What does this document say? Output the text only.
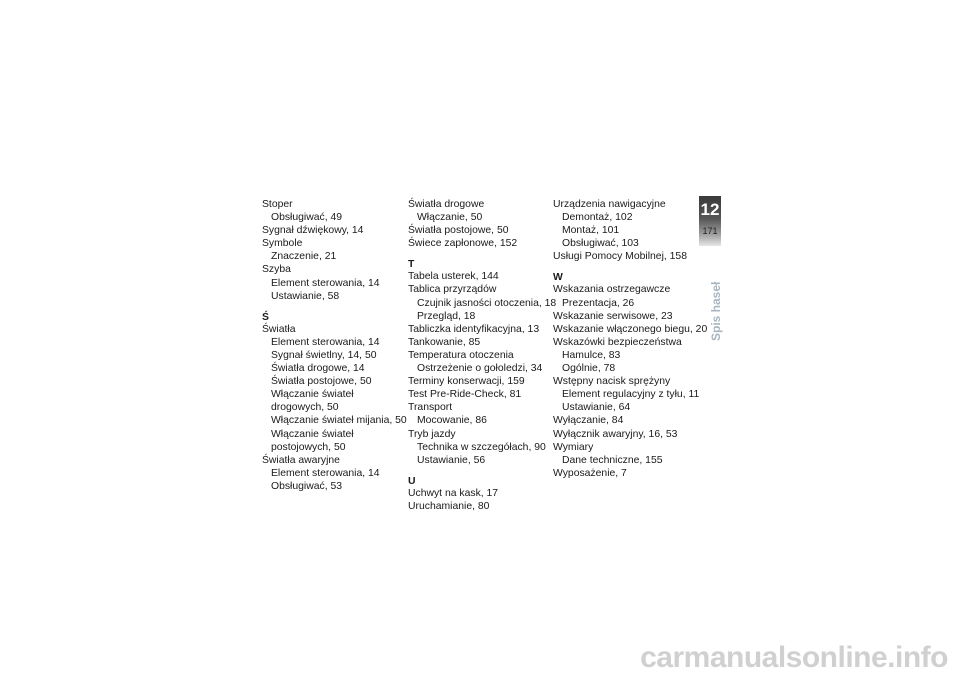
Stoper
Obsługiwać, 49
Sygnał dźwiękowy, 14
Symbole
Znaczenie, 21
Szyba
Element sterowania, 14
Ustawianie, 58
Ś
Światła
Element sterowania, 14
Sygnał świetlny, 14, 50
Światła drogowe, 14
Światła postojowe, 50
Włączanie świateł
drogowych, 50
Włączanie świateł mijania, 50
Włączanie świateł
postojowych, 50
Światła awaryjne
Element sterowania, 14
Obsługiwać, 53
Światła drogowe
Włączanie, 50
Światła postojowe, 50
Świece zapłonowe, 152
T
Tabela usterek, 144
Tablica przyrządów
Czujnik jasności otoczenia, 18
Przegląd, 18
Tabliczka identyfikacyjna, 13
Tankowanie, 85
Temperatura otoczenia
Ostrzeżenie o gołoledzi, 34
Terminy konserwacji, 159
Test Pre-Ride-Check, 81
Transport
Mocowanie, 86
Tryb jazdy
Technika w szczegółach, 90
Ustawianie, 56
U
Uchwyt na kask, 17
Uruchamianie, 80
Urządzenia nawigacyjne
Demontaż, 102
Montaż, 101
Obsługiwać, 103
Usługi Pomocy Mobilnej, 158
W
Wskazania ostrzegawcze
Prezentacja, 26
Wskazanie serwisowe, 23
Wskazanie włączonego biegu, 20
Wskazówki bezpieczeństwa
Hamulce, 83
Ogólnie, 78
Wstępny nacisk sprężyny
Element regulacyjny z tyłu, 11
Ustawianie, 64
Wyłączanie, 84
Wyłącznik awaryjny, 16, 53
Wymiary
Dane techniczne, 155
Wyposażenie, 7
12
171
Spis haseł
carmanualsonline.info
